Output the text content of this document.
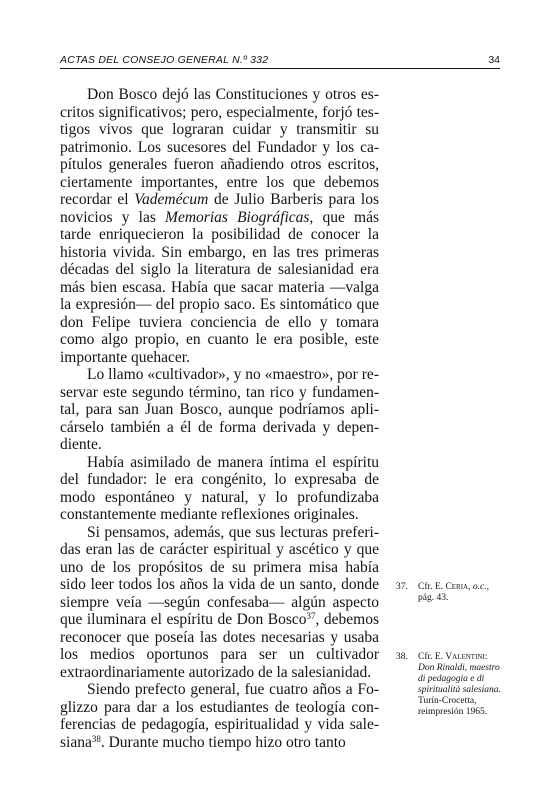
ACTAS DEL CONSEJO GENERAL N.º 332	34

Don Bosco dejó las Constituciones y otros escritos significativos; pero, especialmente, forjó testigos vivos que lograran cuidar y transmitir su patrimonio. Los sucesores del Fundador y los capítulos generales fueron añadiendo otros escritos, ciertamente importantes, entre los que debemos recordar el Vademécum de Julio Barberis para los novicios y las Memorias Biográficas, que más tarde enriquecieron la posibilidad de conocer la historia vivida. Sin embargo, en las tres primeras décadas del siglo la literatura de salesianidad era más bien escasa. Había que sacar materia —valga la expresión— del propio saco. Es sintomático que don Felipe tuviera conciencia de ello y tomara como algo propio, en cuanto le era posible, este importante quehacer.

Lo llamo «cultivador», y no «maestro», por reservar este segundo término, tan rico y fundamental, para san Juan Bosco, aunque podríamos aplicárselo también a él de forma derivada y dependiente.

Había asimilado de manera íntima el espíritu del fundador: le era congénito, lo expresaba de modo espontáneo y natural, y lo profundizaba constantemente mediante reflexiones originales.

Si pensamos, además, que sus lecturas preferidas eran las de carácter espiritual y ascético y que uno de los propósitos de su primera misa había sido leer todos los años la vida de un santo, donde siempre veía —según confesaba— algún aspecto que iluminara el espíritu de Don Bosco$^{37}$, debemos reconocer que poseía las dotes necesarias y usaba los medios oportunos para ser un cultivador extraordinariamente autorizado de la salesianidad.

Siendo prefecto general, fue cuatro años a Foglizzo para dar a los estudiantes de teología conferencias de pedagogía, espiritualidad y vida salesiana$^{38}$. Durante mucho tiempo hizo otro tanto

37. Cfr. E. Ceria, o.c., pág. 43.
38. Cfr. E. Valentini: Don Rinaldi, maestro di pedagogia e di spiritualità salesiana. Turín-Crocetta, reimpresión 1965.
